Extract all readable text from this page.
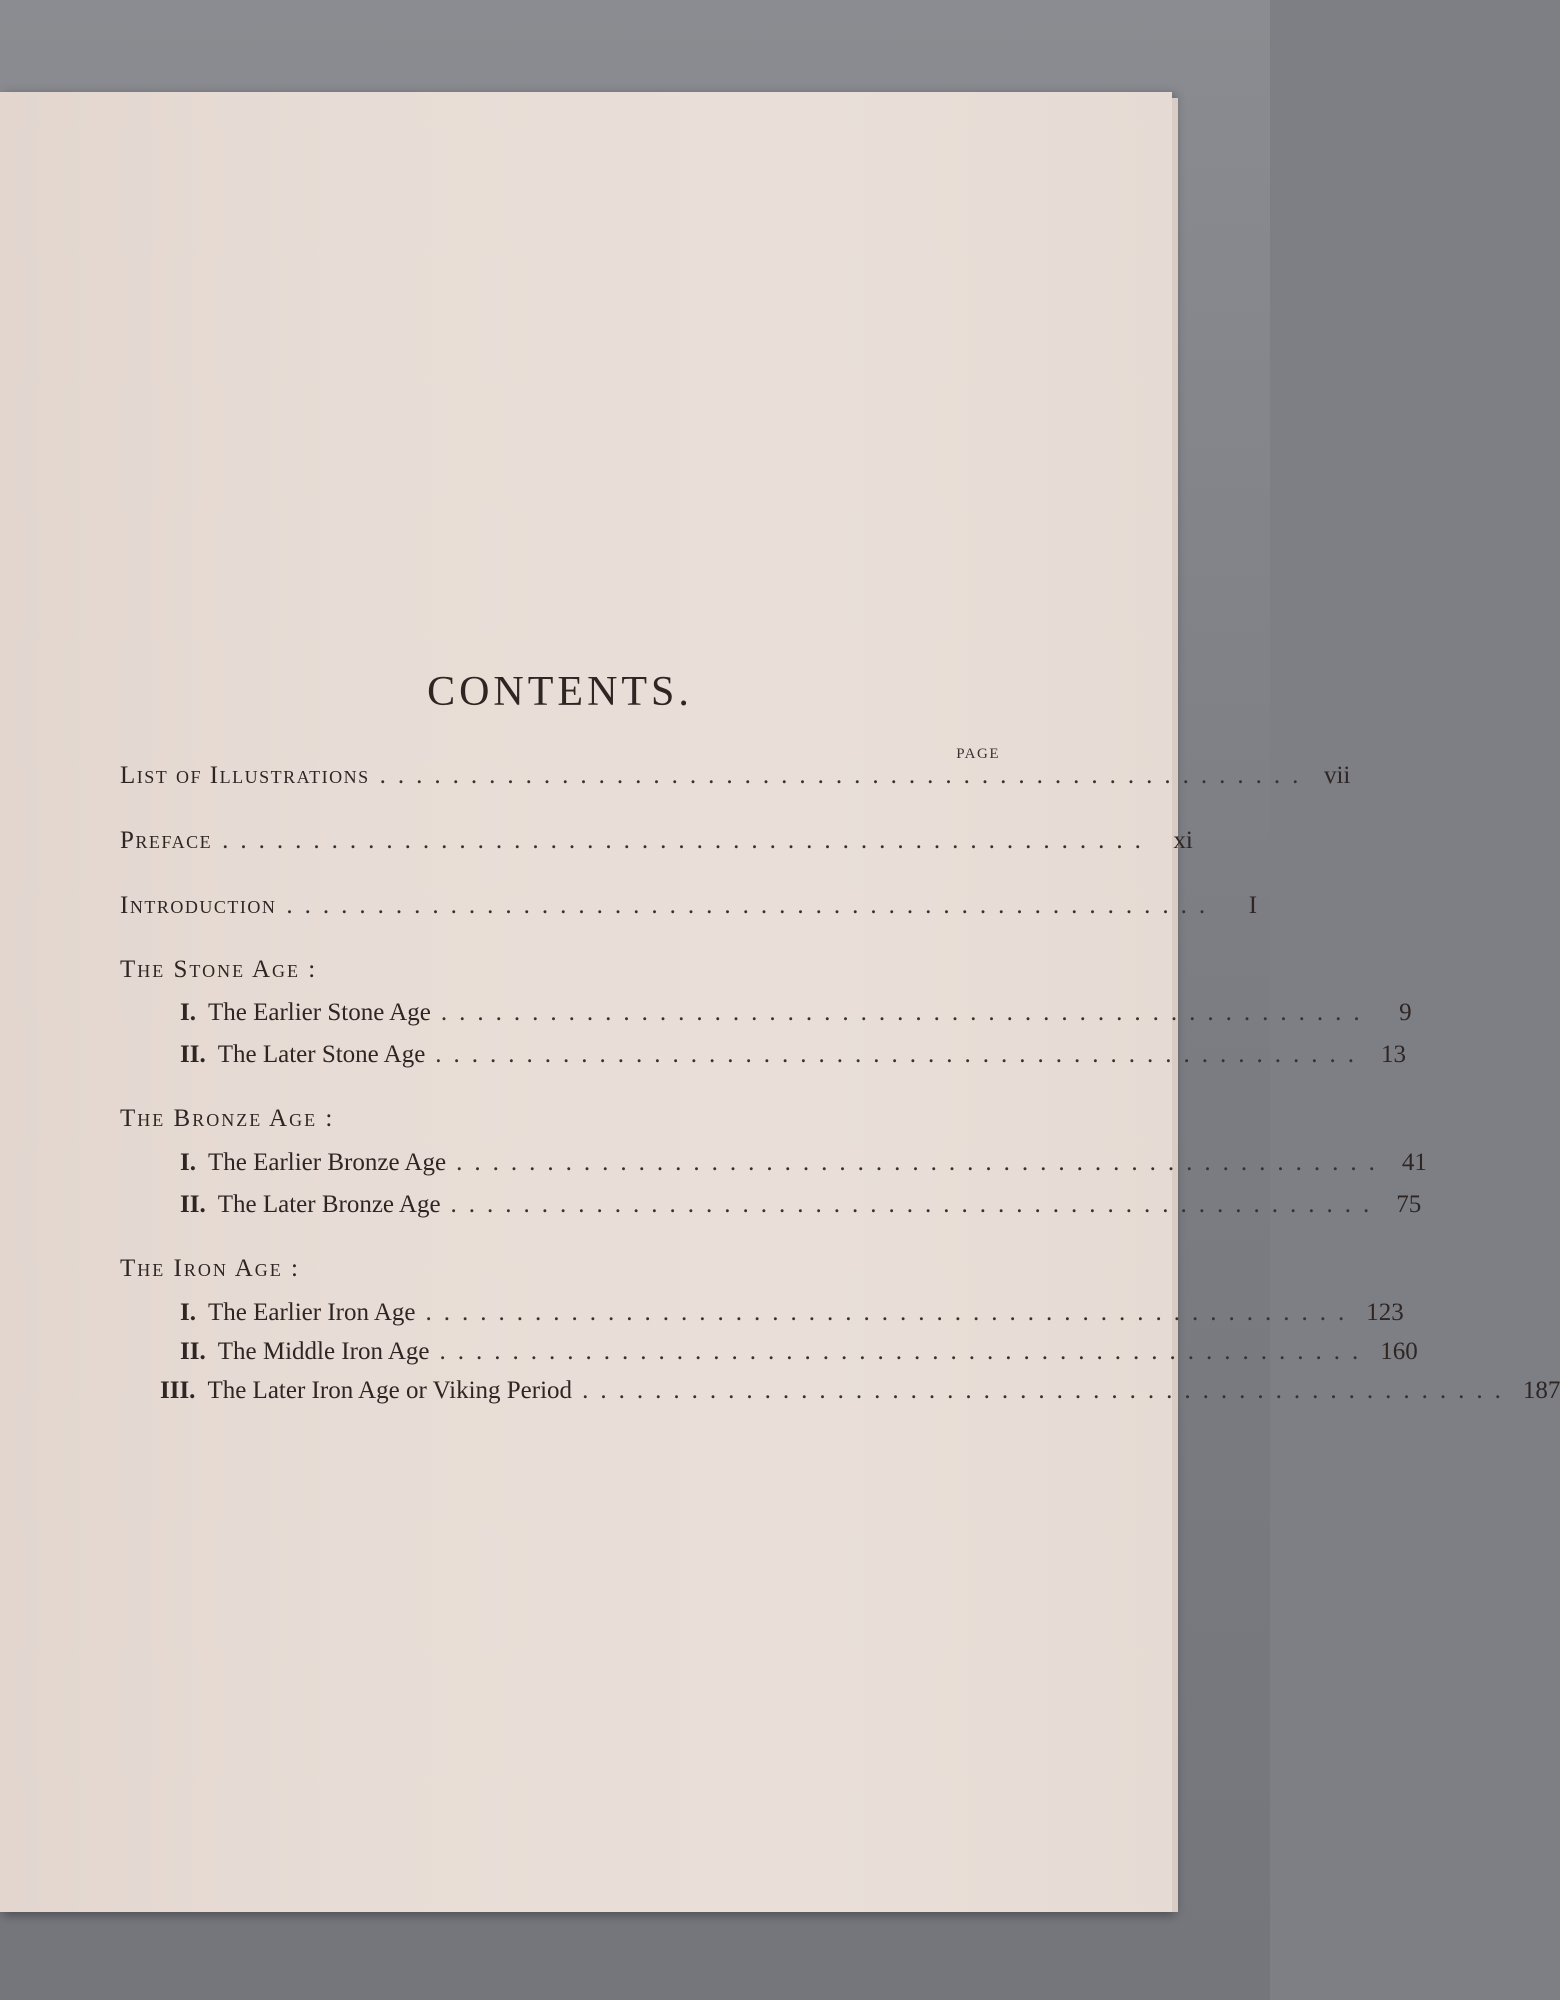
CONTENTS.
PAGE
List of Illustrations ................................................... vii
Preface ................................................... xi
Introduction ...................................................	I
The Stone Age :
I. The Earlier Stone Age ...................................................	9
II. The Later Stone Age ................................................... 13
The Bronze Age :
I. The Earlier Bronze Age ................................................... 41
II. The Later Bronze Age ................................................... 75
The Iron Age :
I. The Earlier Iron Age ................................................... 123
II. The Middle Iron Age ................................................... 160
III. The Later Iron Age or Viking Period ................................................... 187
